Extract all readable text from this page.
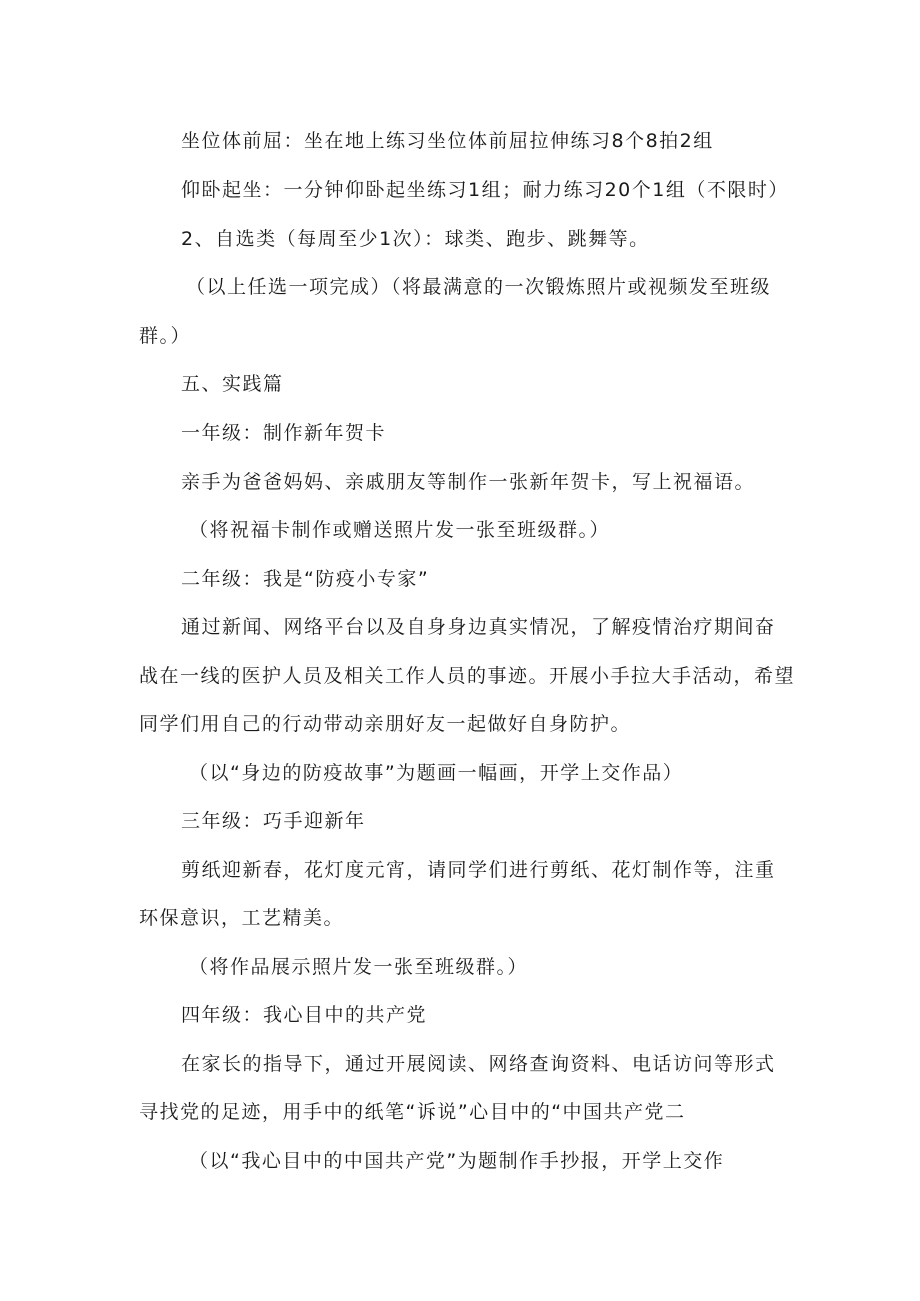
坐位体前屈：坐在地上练习坐位体前屈拉伸练习8个8拍2组
仰卧起坐：一分钟仰卧起坐练习1组；耐力练习20个1组（不限时）
2、自选类（每周至少1次）：球类、跑步、跳舞等。
（以上任选一项完成）（将最满意的一次锻炼照片或视频发至班级
群。）
五、实践篇
一年级：制作新年贺卡
亲手为爸爸妈妈、亲戚朋友等制作一张新年贺卡，写上祝福语。
（将祝福卡制作或赠送照片发一张至班级群。）
二年级：我是“防疫小专家”
通过新闻、网络平台以及自身身边真实情况，了解疫情治疗期间奋
战在一线的医护人员及相关工作人员的事迹。开展小手拉大手活动，希望
同学们用自己的行动带动亲朋好友一起做好自身防护。
（以“身边的防疫故事”为题画一幅画，开学上交作品）
三年级：巧手迎新年
剪纸迎新春，花灯度元宵，请同学们进行剪纸、花灯制作等，注重
环保意识，工艺精美。
（将作品展示照片发一张至班级群。）
四年级：我心目中的共产党
在家长的指导下，通过开展阅读、网络查询资料、电话访问等形式
寻找党的足迹，用手中的纸笔“诉说”心目中的“中国共产党二
（以“我心目中的中国共产党”为题制作手抄报，开学上交作
